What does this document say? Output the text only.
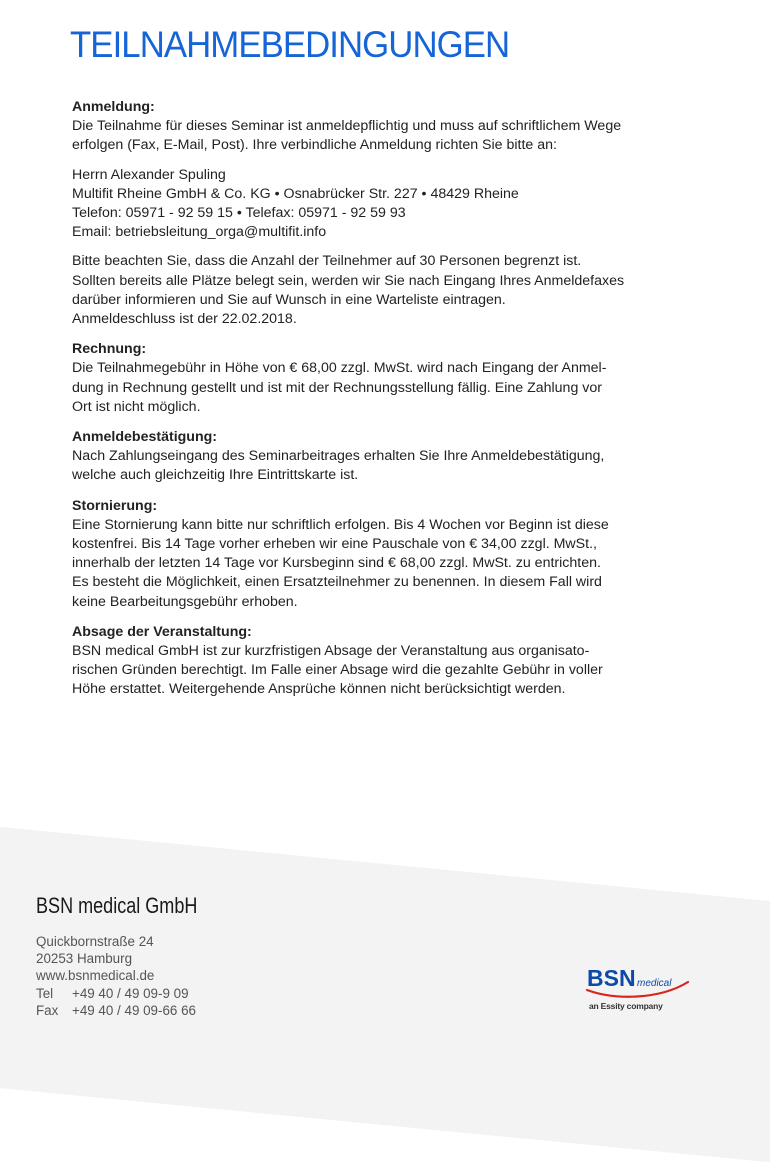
TEILNAHMEBEDINGUNGEN
Anmeldung:
Die Teilnahme für dieses Seminar ist anmeldepflichtig und muss auf schriftlichem Wege
erfolgen (Fax, E-Mail, Post). Ihre verbindliche Anmeldung richten Sie bitte an:
Herrn Alexander Spuling
Multifit Rheine GmbH & Co. KG • Osnabrücker Str. 227 • 48429 Rheine
Telefon: 05971 - 92 59 15 • Telefax: 05971 - 92 59 93
Email: betriebsleitung_orga@multifit.info
Bitte beachten Sie, dass die Anzahl der Teilnehmer auf 30 Personen begrenzt ist.
Sollten bereits alle Plätze belegt sein, werden wir Sie nach Eingang Ihres Anmeldefaxes
darüber informieren und Sie auf Wunsch in eine Warteliste eintragen.
Anmeldeschluss ist der 22.02.2018.
Rechnung:
Die Teilnahmegebühr in Höhe von € 68,00 zzgl. MwSt. wird nach Eingang der Anmel-
dung in Rechnung gestellt und ist mit der Rechnungsstellung fällig. Eine Zahlung vor
Ort ist nicht möglich.
Anmeldebestätigung:
Nach Zahlungseingang des Seminarbeitrages erhalten Sie Ihre Anmeldebestätigung,
welche auch gleichzeitig Ihre Eintrittskarte ist.
Stornierung:
Eine Stornierung kann bitte nur schriftlich erfolgen. Bis 4 Wochen vor Beginn ist diese
kostenfrei. Bis 14 Tage vorher erheben wir eine Pauschale von € 34,00 zzgl. MwSt.,
innerhalb der letzten 14 Tage vor Kursbeginn sind € 68,00 zzgl. MwSt. zu entrichten.
Es besteht die Möglichkeit, einen Ersatzteilnehmer zu benennen. In diesem Fall wird
keine Bearbeitungsgebühr erhoben.
Absage der Veranstaltung:
BSN medical GmbH ist zur kurzfristigen Absage der Veranstaltung aus organisato-
rischen Gründen berechtigt. Im Falle einer Absage wird die gezahlte Gebühr in voller
Höhe erstattet. Weitergehende Ansprüche können nicht berücksichtigt werden.
BSN medical GmbH
Quickbornstraße 24
20253 Hamburg
www.bsnmedical.de
Tel +49 40 / 49 09-9 09
Fax +49 40 / 49 09-66 66
BSN medical
an Essity company
